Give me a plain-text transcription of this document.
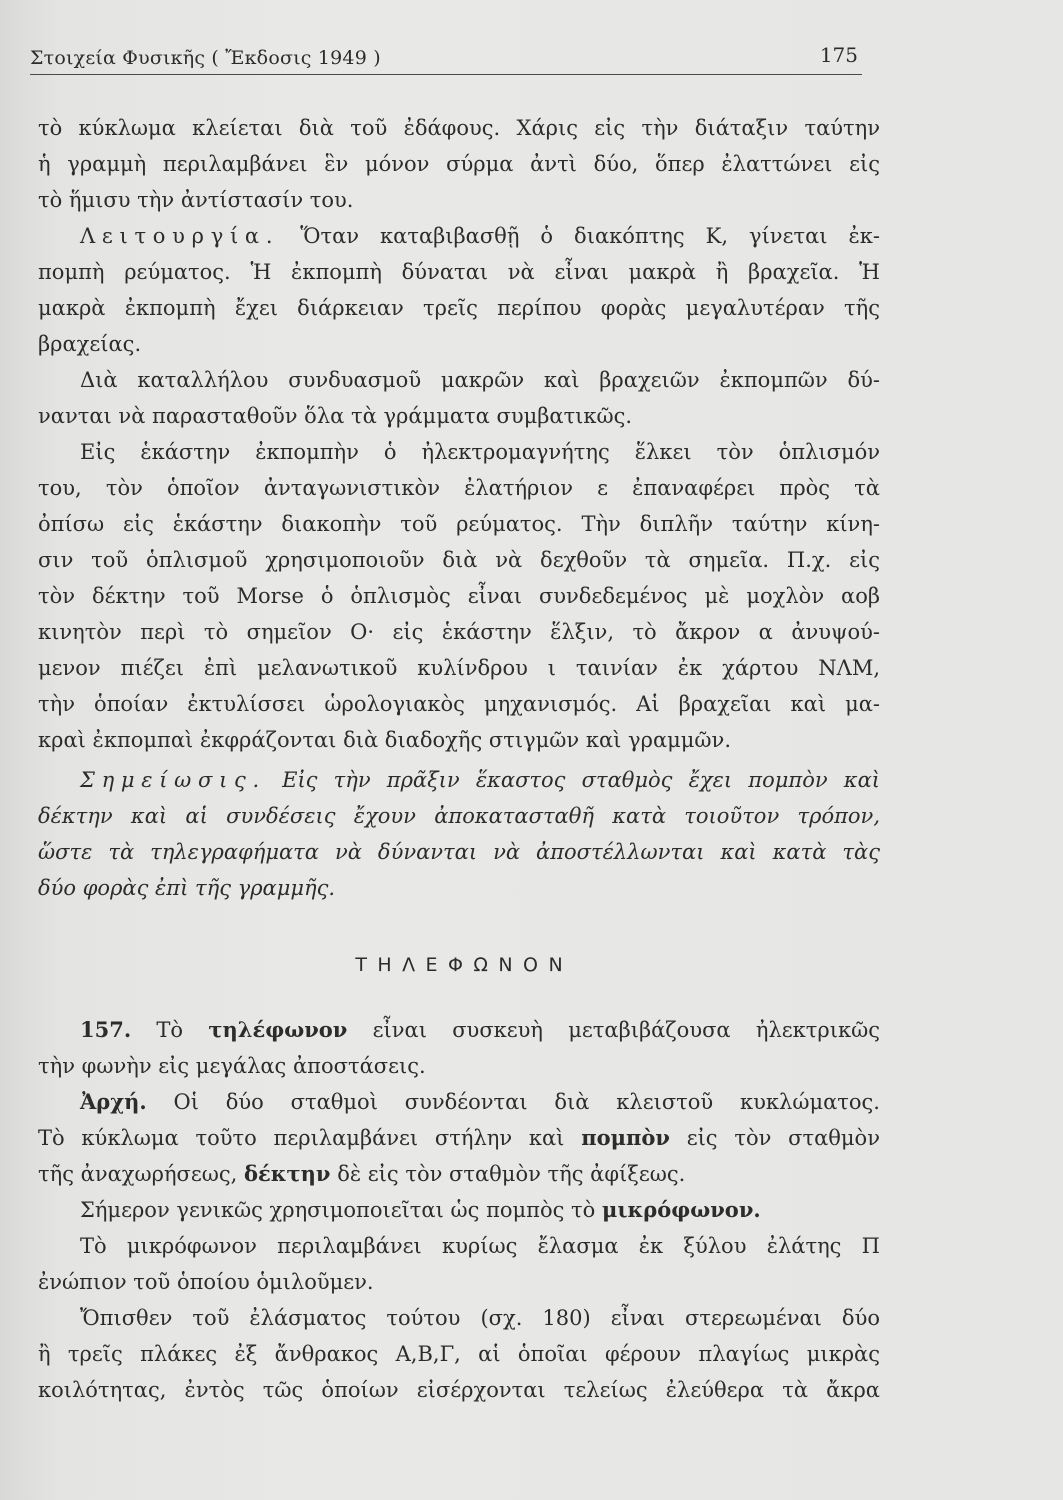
Στοιχεία Φυσικῆς ( Ἔκδοσις 1949 )	175
τὸ κύκλωμα κλείεται διὰ τοῦ ἐδάφους. Χάρις εἰς τὴν διάταξιν ταύτην
ἡ γραμμὴ περιλαμβάνει ἓν μόνον σύρμα ἀντὶ δύο, ὅπερ ἐλαττώνει εἰς
τὸ ἥμισυ τὴν ἀντίστασίν του.
Λειτουργία. Ὅταν καταβιβασθῇ ὁ διακόπτης Κ, γίνεται ἐκ-
πομπὴ ρεύματος. Ἡ ἐκπομπὴ δύναται νὰ εἶναι μακρὰ ἢ βραχεῖα. Ἡ
μακρὰ ἐκπομπὴ ἔχει διάρκειαν τρεῖς περίπου φορὰς μεγαλυτέραν τῆς
βραχείας.
Διὰ καταλλήλου συνδυασμοῦ μακρῶν καὶ βραχειῶν ἐκπομπῶν δύ-
νανται νὰ παρασταθοῦν ὅλα τὰ γράμματα συμβατικῶς.
Εἰς ἑκάστην ἐκπομπὴν ὁ ἠλεκτρομαγνήτης ἕλκει τὸν ὁπλισμόν
του, τὸν ὁποῖον ἀνταγωνιστικὸν ἐλατήριον ε ἐπαναφέρει πρὸς τὰ
ὀπίσω εἰς ἑκάστην διακοπὴν τοῦ ρεύματος. Τὴν διπλῆν ταύτην κίνη-
σιν τοῦ ὁπλισμοῦ χρησιμοποιοῦν διὰ νὰ δεχθοῦν τὰ σημεῖα. Π.χ. εἰς
τὸν δέκτην τοῦ Morse ὁ ὁπλισμὸς εἶναι συνδεδεμένος μὲ μοχλὸν αοβ
κινητὸν περὶ τὸ σημεῖον Ο· εἰς ἑκάστην ἕλξιν, τὸ ἄκρον α ἀνυψού-
μενον πιέζει ἐπὶ μελανωτικοῦ κυλίνδρου ι ταινίαν ἐκ χάρτου ΝΛΜ,
τὴν ὁποίαν ἐκτυλίσσει ὡρολογιακὸς μηχανισμός. Αἱ βραχεῖαι καὶ μα-
κραὶ ἐκπομπαὶ ἐκφράζονται διὰ διαδοχῆς στιγμῶν καὶ γραμμῶν.
Σημείωσις. Εἰς τὴν πρᾶξιν ἕκαστος σταθμὸς ἔχει πομπὸν καὶ
δέκτην καὶ αἱ συνδέσεις ἔχουν ἀποκατασταθῆ κατὰ τοιοῦτον τρόπον,
ὥστε τὰ τηλεγραφήματα νὰ δύνανται νὰ ἀποστέλλωνται καὶ κατὰ τὰς
δύο φορὰς ἐπὶ τῆς γραμμῆς.
ΤΗΛΕΦΩΝΟΝ
157. Τὸ τηλέφωνον εἶναι συσκευὴ μεταβιβάζουσα ἠλεκτρικῶς
τὴν φωνὴν εἰς μεγάλας ἀποστάσεις.
Ἀρχή. Οἱ δύο σταθμοὶ συνδέονται διὰ κλειστοῦ κυκλώματος.
Τὸ κύκλωμα τοῦτο περιλαμβάνει στήλην καὶ πομπὸν εἰς τὸν σταθμὸν
τῆς ἀναχωρήσεως, δέκτην δὲ εἰς τὸν σταθμὸν τῆς ἀφίξεως.
Σήμερον γενικῶς χρησιμοποιεῖται ὡς πομπὸς τὸ μικρόφωνον.
Τὸ μικρόφωνον περιλαμβάνει κυρίως ἔλασμα ἐκ ξύλου ἐλάτης Π
ἐνώπιον τοῦ ὁποίου ὁμιλοῦμεν.
Ὄπισθεν τοῦ ἐλάσματος τούτου (σχ. 180) εἶναι στερεωμέναι δύο
ἢ τρεῖς πλάκες ἐξ ἄνθρακος Α,Β,Γ, αἱ ὁποῖαι φέρουν πλαγίως μικρὰς
κοιλότητας, ἐντὸς τῶς ὁποίων εἰσέρχονται τελείως ἐλεύθερα τὰ ἄκρα
